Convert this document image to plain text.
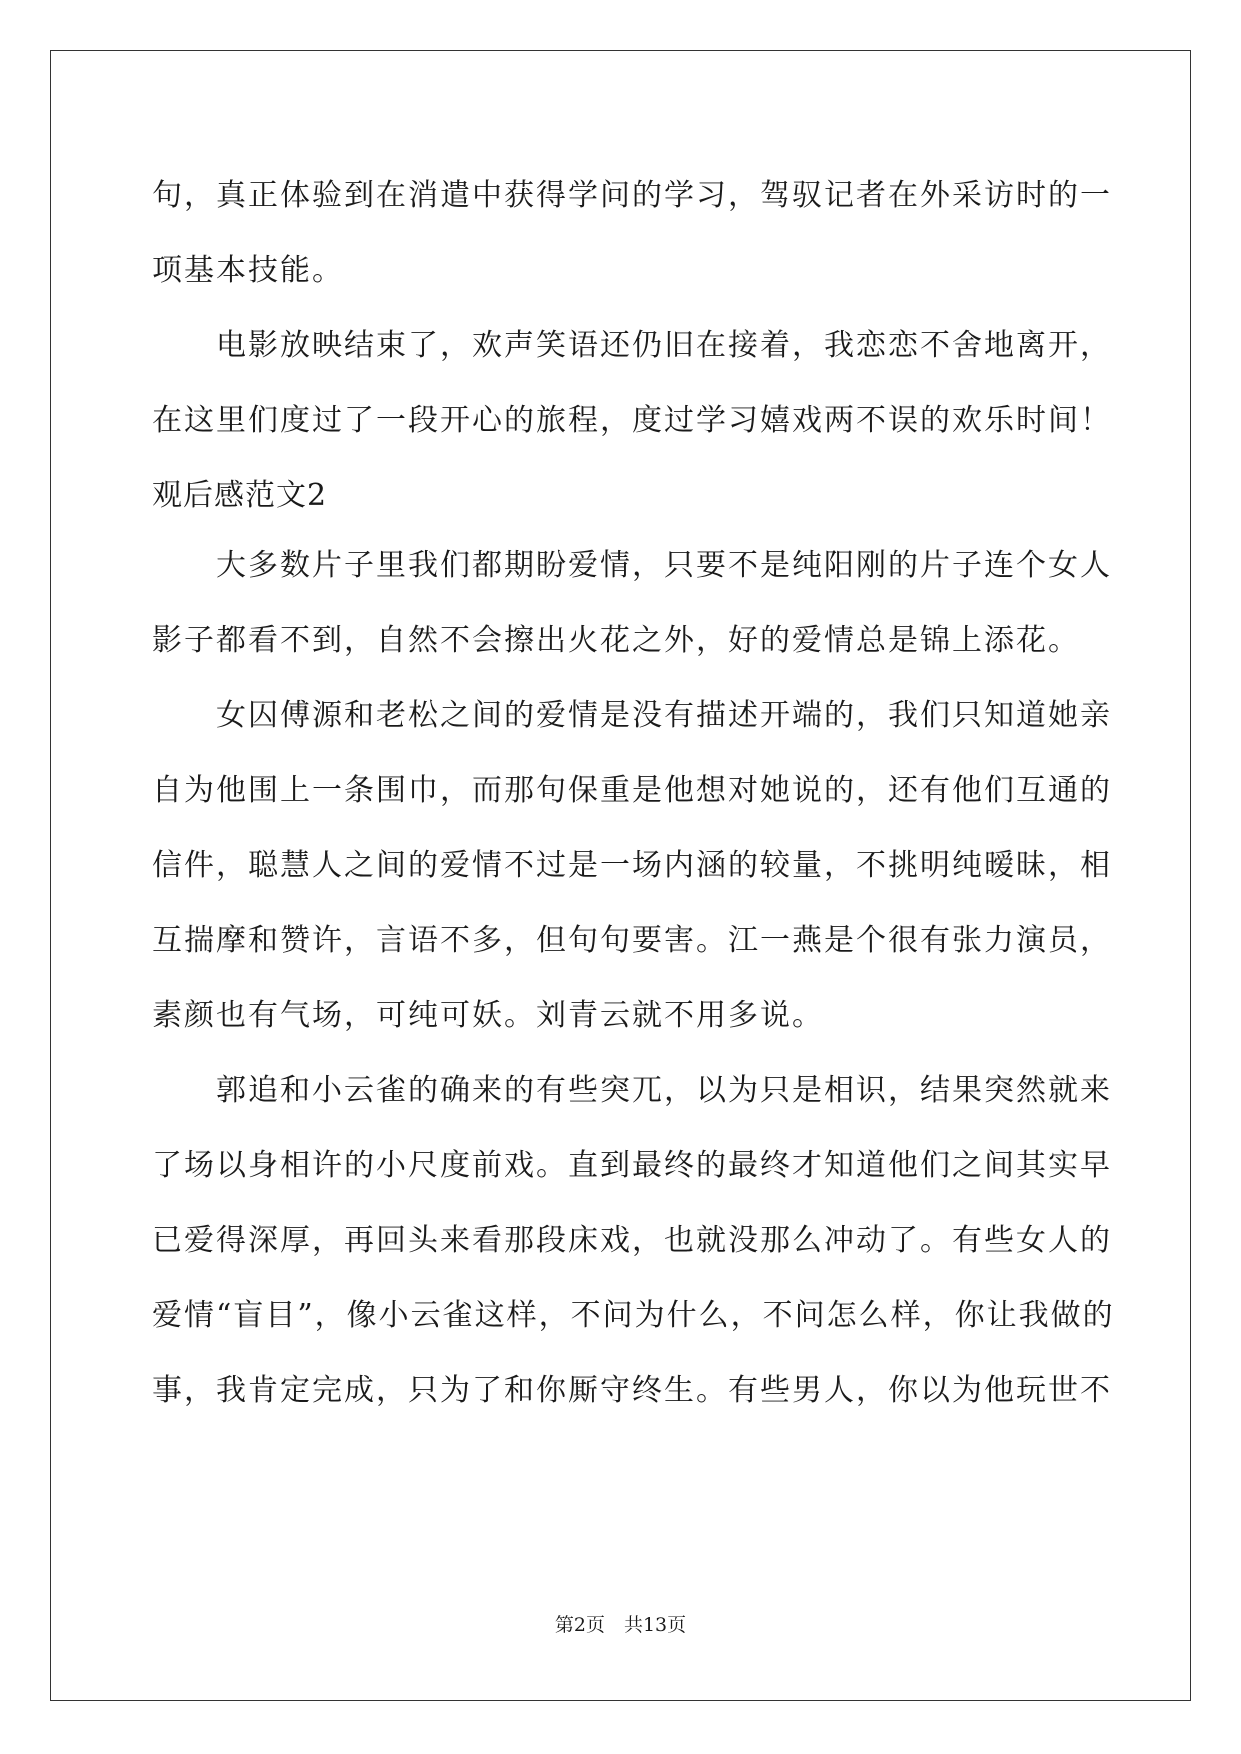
句，真正体验到在消遣中获得学问的学习，驾驭记者在外采访时的一
项基本技能。
　　电影放映结束了，欢声笑语还仍旧在接着，我恋恋不舍地离开，
在这里们度过了一段开心的旅程，度过学习嬉戏两不误的欢乐时间！
观后感范文2
　　大多数片子里我们都期盼爱情，只要不是纯阳刚的片子连个女人
影子都看不到，自然不会擦出火花之外，好的爱情总是锦上添花。
　　女囚傅源和老松之间的爱情是没有描述开端的，我们只知道她亲
自为他围上一条围巾，而那句保重是他想对她说的，还有他们互通的
信件，聪慧人之间的爱情不过是一场内涵的较量，不挑明纯暧昧，相
互揣摩和赞许，言语不多，但句句要害。江一燕是个很有张力演员，
素颜也有气场，可纯可妖。刘青云就不用多说。
　　郭追和小云雀的确来的有些突兀，以为只是相识，结果突然就来
了场以身相许的小尺度前戏。直到最终的最终才知道他们之间其实早
已爱得深厚，再回头来看那段床戏，也就没那么冲动了。有些女人的
爱情“盲目”，像小云雀这样，不问为什么，不问怎么样，你让我做的
事，我肯定完成，只为了和你厮守终生。有些男人，你以为他玩世不
第2页　共13页
